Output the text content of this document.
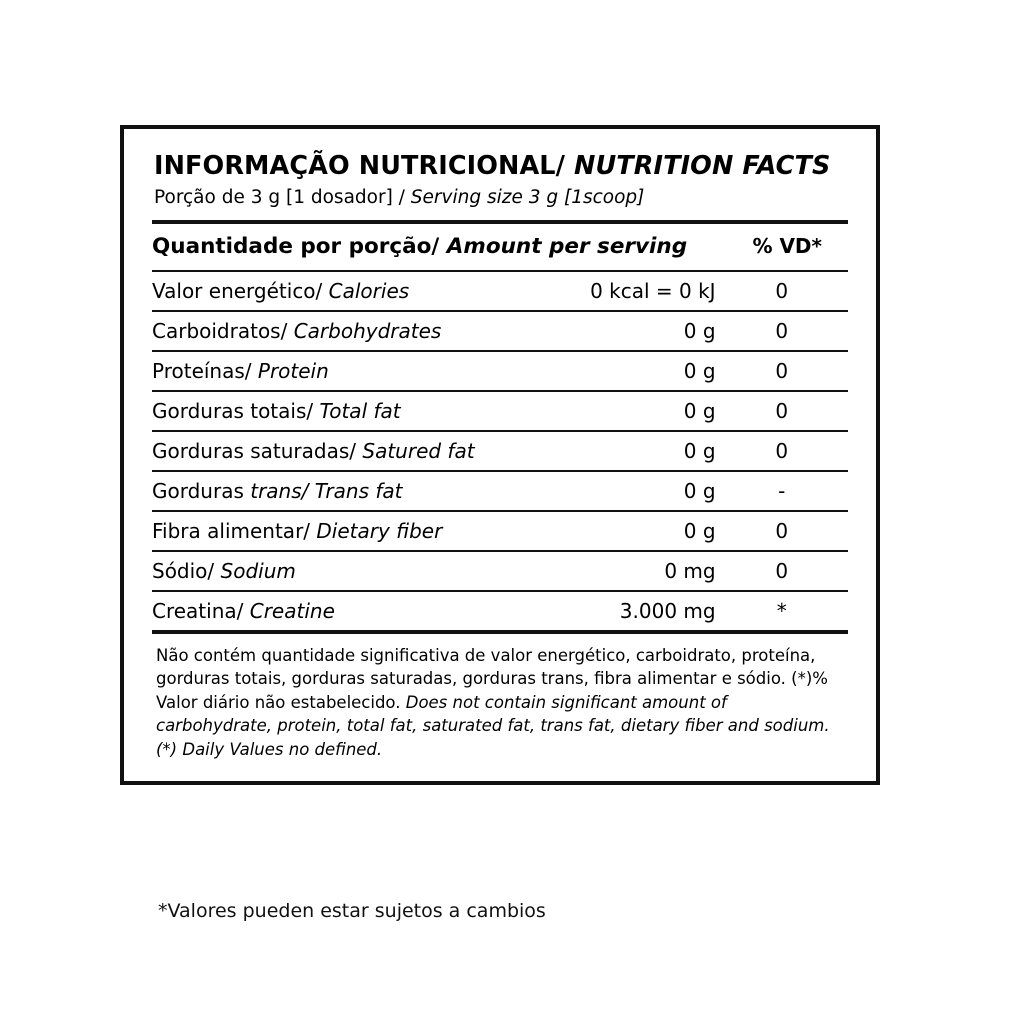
INFORMAÇÃO NUTRICIONAL/ NUTRITION FACTS
Porção de 3 g [1 dosador] / Serving size 3 g [1scoop]
Quantidade por porção/ Amount per serving		% VD*
Valor energético/ Calories	0 kcal = 0 kJ	0
Carboidratos/ Carbohydrates	0 g	0
Proteínas/ Protein	0 g	0
Gorduras totais/ Total fat	0 g	0
Gorduras saturadas/ Satured fat	0 g	0
Gorduras trans/ Trans fat	0 g	-
Fibra alimentar/ Dietary fiber	0 g	0
Sódio/ Sodium	0 mg	0
Creatina/ Creatine	3.000 mg	*
Não contém quantidade significativa de valor energético, carboidrato, proteína, gorduras totais, gorduras saturadas, gorduras trans, fibra alimentar e sódio. (*)% Valor diário não estabelecido. Does not contain significant amount of carbohydrate, protein, total fat, saturated fat, trans fat, dietary fiber and sodium. (*) Daily Values no defined.
*Valores pueden estar sujetos a cambios
